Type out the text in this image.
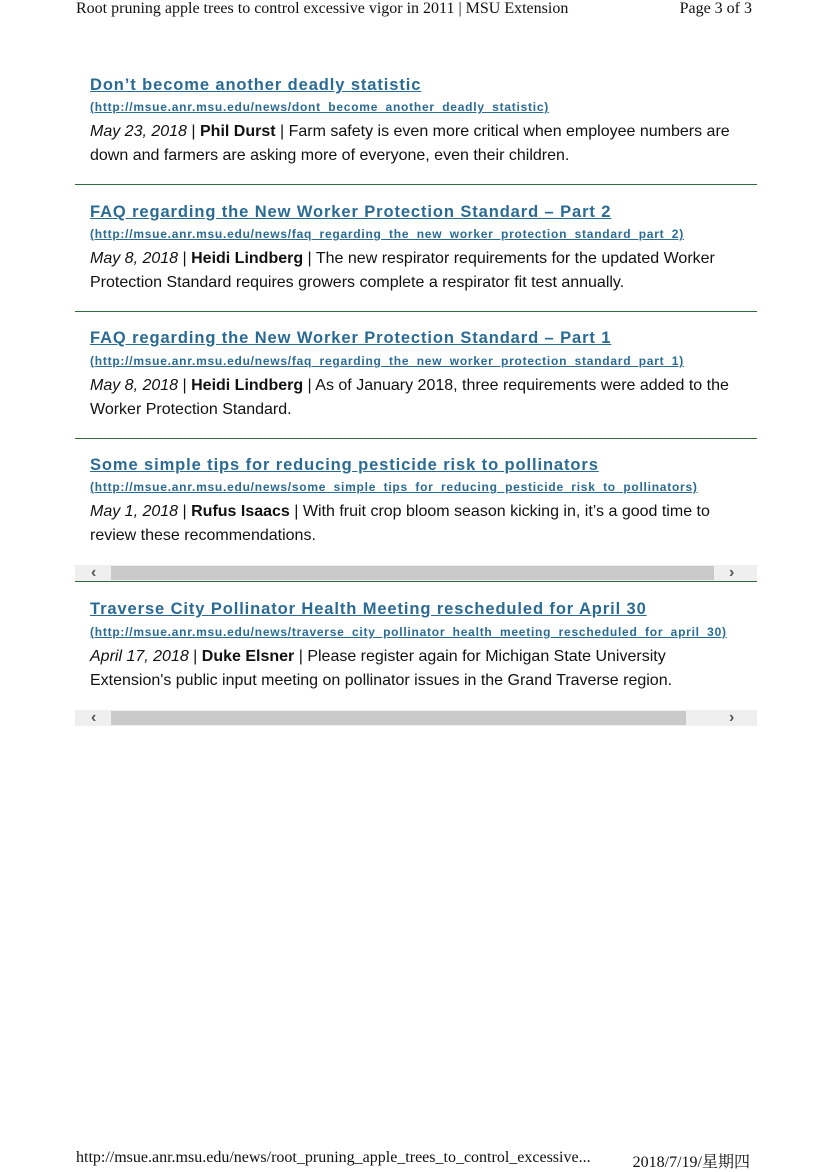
Root pruning apple trees to control excessive vigor in 2011 | MSU Extension	Page 3 of 3
Don’t become another deadly statistic
(http://msue.anr.msu.edu/news/dont_become_another_deadly_statistic)
May 23, 2018 | Phil Durst | Farm safety is even more critical when employee numbers are down and farmers are asking more of everyone, even their children.
FAQ regarding the New Worker Protection Standard – Part 2
(http://msue.anr.msu.edu/news/faq_regarding_the_new_worker_protection_standard_part_2)
May 8, 2018 | Heidi Lindberg | The new respirator requirements for the updated Worker Protection Standard requires growers complete a respirator fit test annually.
FAQ regarding the New Worker Protection Standard – Part 1
(http://msue.anr.msu.edu/news/faq_regarding_the_new_worker_protection_standard_part_1)
May 8, 2018 | Heidi Lindberg | As of January 2018, three requirements were added to the Worker Protection Standard.
Some simple tips for reducing pesticide risk to pollinators
(http://msue.anr.msu.edu/news/some_simple_tips_for_reducing_pesticide_risk_to_pollinators)
May 1, 2018 | Rufus Isaacs | With fruit crop bloom season kicking in, it’s a good time to review these recommendations.
‹	›
Traverse City Pollinator Health Meeting rescheduled for April 30
(http://msue.anr.msu.edu/news/traverse_city_pollinator_health_meeting_rescheduled_for_april_30)
April 17, 2018 | Duke Elsner | Please register again for Michigan State University Extension's public input meeting on pollinator issues in the Grand Traverse region.
‹	›
http://msue.anr.msu.edu/news/root_pruning_apple_trees_to_control_excessive...	2018/7/19/星期四
